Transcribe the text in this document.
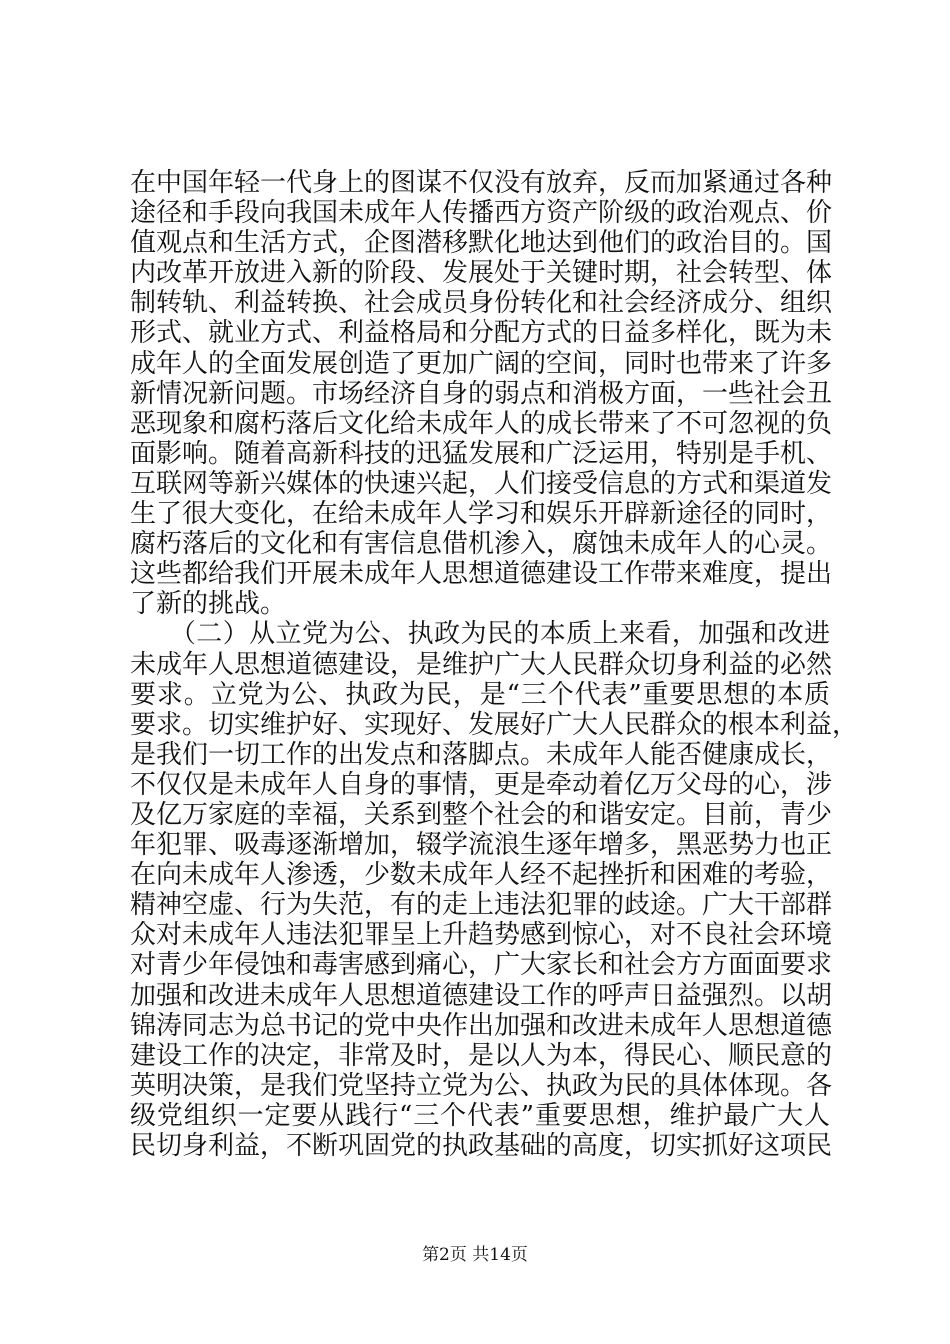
在中国年轻一代身上的图谋不仅没有放弃，反而加紧通过各种
途径和手段向我国未成年人传播西方资产阶级的政治观点、价
值观点和生活方式，企图潜移默化地达到他们的政治目的。国
内改革开放进入新的阶段、发展处于关键时期，社会转型、体
制转轨、利益转换、社会成员身份转化和社会经济成分、组织
形式、就业方式、利益格局和分配方式的日益多样化，既为未
成年人的全面发展创造了更加广阔的空间，同时也带来了许多
新情况新问题。市场经济自身的弱点和消极方面，一些社会丑
恶现象和腐朽落后文化给未成年人的成长带来了不可忽视的负
面影响。随着高新科技的迅猛发展和广泛运用，特别是手机、
互联网等新兴媒体的快速兴起，人们接受信息的方式和渠道发
生了很大变化，在给未成年人学习和娱乐开辟新途径的同时，
腐朽落后的文化和有害信息借机渗入，腐蚀未成年人的心灵。
这些都给我们开展未成年人思想道德建设工作带来难度，提出
了新的挑战。
　　（二）从立党为公、执政为民的本质上来看，加强和改进
未成年人思想道德建设，是维护广大人民群众切身利益的必然
要求。立党为公、执政为民，是“三个代表”重要思想的本质
要求。切实维护好、实现好、发展好广大人民群众的根本利益，
是我们一切工作的出发点和落脚点。未成年人能否健康成长，
不仅仅是未成年人自身的事情，更是牵动着亿万父母的心，涉
及亿万家庭的幸福，关系到整个社会的和谐安定。目前，青少
年犯罪、吸毒逐渐增加，辍学流浪生逐年增多，黑恶势力也正
在向未成年人渗透，少数未成年人经不起挫折和困难的考验，
精神空虚、行为失范，有的走上违法犯罪的歧途。广大干部群
众对未成年人违法犯罪呈上升趋势感到惊心，对不良社会环境
对青少年侵蚀和毒害感到痛心，广大家长和社会方方面面要求
加强和改进未成年人思想道德建设工作的呼声日益强烈。以胡
锦涛同志为总书记的党中央作出加强和改进未成年人思想道德
建设工作的决定，非常及时，是以人为本，得民心、顺民意的
英明决策，是我们党坚持立党为公、执政为民的具体体现。各
级党组织一定要从践行“三个代表”重要思想，维护最广大人
民切身利益，不断巩固党的执政基础的高度，切实抓好这项民
第2页 共14页
